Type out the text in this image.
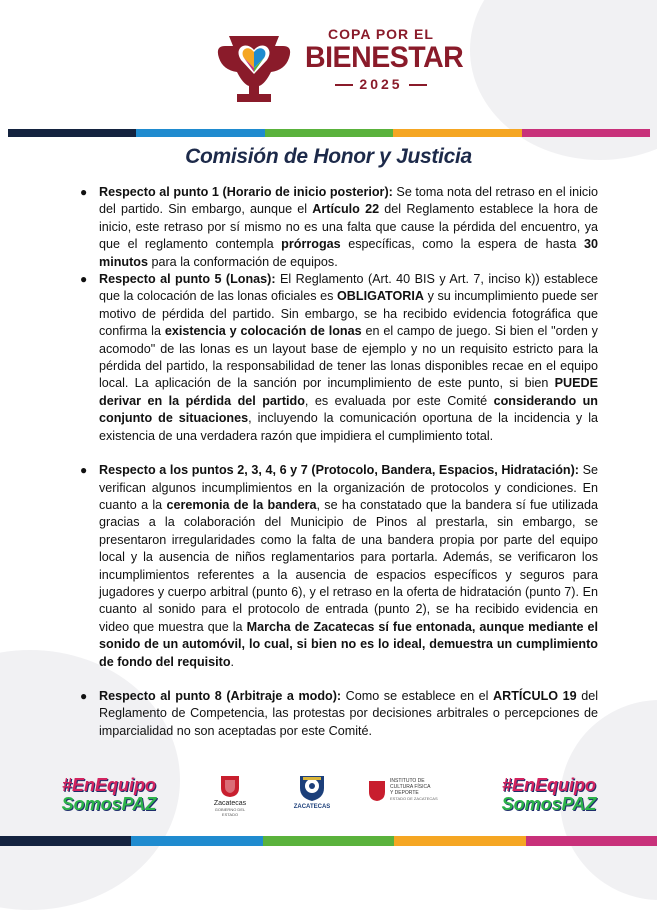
COPA POR EL
BIENESTAR
2025
Comisión de Honor y Justicia
● Respecto al punto 1 (Horario de inicio posterior): Se toma nota del retraso en el inicio del partido. Sin embargo, aunque el Artículo 22 del Reglamento establece la hora de inicio, este retraso por sí mismo no es una falta que cause la pérdida del encuentro, ya que el reglamento contempla prórrogas específicas, como la espera de hasta 30 minutos para la conformación de equipos.
● Respecto al punto 5 (Lonas): El Reglamento (Art. 40 BIS y Art. 7, inciso k)) establece que la colocación de las lonas oficiales es OBLIGATORIA y su incumplimiento puede ser motivo de pérdida del partido. Sin embargo, se ha recibido evidencia fotográfica que confirma la existencia y colocación de lonas en el campo de juego. Si bien el "orden y acomodo" de las lonas es un layout base de ejemplo y no un requisito estricto para la pérdida del partido, la responsabilidad de tener las lonas disponibles recae en el equipo local. La aplicación de la sanción por incumplimiento de este punto, si bien PUEDE derivar en la pérdida del partido, es evaluada por este Comité considerando un conjunto de situaciones, incluyendo la comunicación oportuna de la incidencia y la existencia de una verdadera razón que impidiera el cumplimiento total.
● Respecto a los puntos 2, 3, 4, 6 y 7 (Protocolo, Bandera, Espacios, Hidratación): Se verifican algunos incumplimientos en la organización de protocolos y condiciones. En cuanto a la ceremonia de la bandera, se ha constatado que la bandera sí fue utilizada gracias a la colaboración del Municipio de Pinos al prestarla, sin embargo, se presentaron irregularidades como la falta de una bandera propia por parte del equipo local y la ausencia de niños reglamentarios para portarla. Además, se verificaron los incumplimientos referentes a la ausencia de espacios específicos y seguros para jugadores y cuerpo arbitral (punto 6), y el retraso en la oferta de hidratación (punto 7). En cuanto al sonido para el protocolo de entrada (punto 2), se ha recibido evidencia en video que muestra que la Marcha de Zacatecas sí fue entonada, aunque mediante el sonido de un automóvil, lo cual, si bien no es lo ideal, demuestra un cumplimiento de fondo del requisito.
● Respecto al punto 8 (Arbitraje a modo): Como se establece en el ARTÍCULO 19 del Reglamento de Competencia, las protestas por decisiones arbitrales o percepciones de imparcialidad no son aceptadas por este Comité.
#EnEquipo
SomosPAZ	Zacatecas
GOBIERNO DEL ESTADO
ZACATECAS
INSTITUTO DE
CULTURA FÍSICA
Y DEPORTE
ESTADO DE ZACATECAS
#EnEquipo
SomosPAZ
